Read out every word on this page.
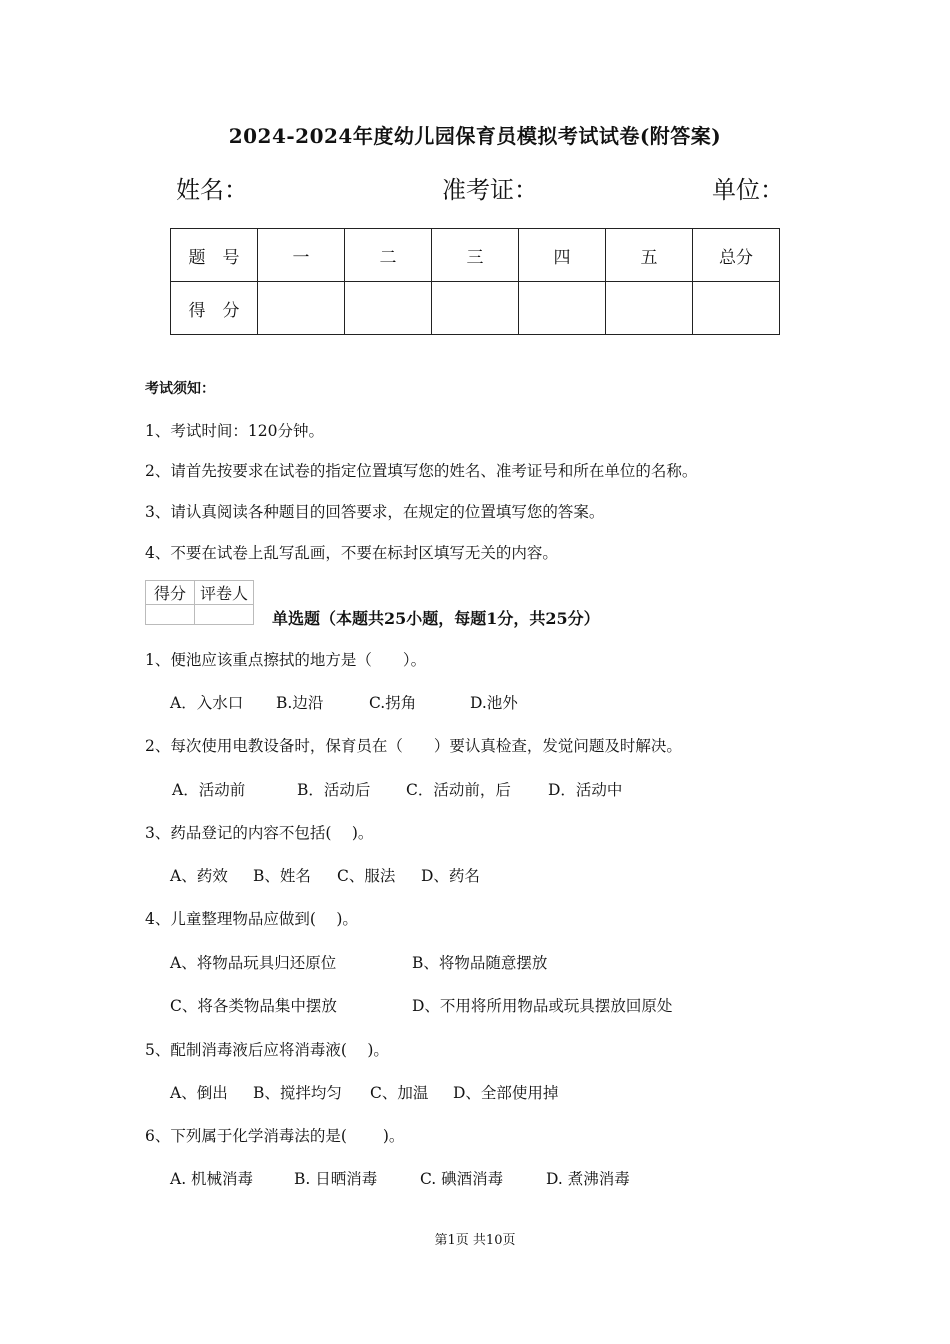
2024-2024年度幼儿园保育员模拟考试试卷(附答案)
姓名：	准考证：	单位：
题　号	一	二	三	四	五	总分
得　分						
考试须知：
1、考试时间：120分钟。
2、请首先按要求在试卷的指定位置填写您的姓名、准考证号和所在单位的名称。
3、请认真阅读各种题目的回答要求，在规定的位置填写您的答案。
4、不要在试卷上乱写乱画，不要在标封区填写无关的内容。
得分	评卷人

单选题（本题共25小题，每题1分，共25分）
1、便池应该重点擦拭的地方是（　　）。
A．入水口 B.边沿	C.拐角	D.池外
2、每次使用电教设备时，保育员在（　　）要认真检查，发觉问题及时解决。
A．活动前	B．活动后 C．活动前，后 D．活动中
3、药品登记的内容不包括(　 )。
A、药效 B、姓名 C、服法 D、药名
4、儿童整理物品应做到(　 )。
A、将物品玩具归还原位	B、将物品随意摆放
C、将各类物品集中摆放	D、不用将所用物品或玩具摆放回原处
5、配制消毒液后应将消毒液(　 )。
A、倒出 B、搅拌均匀 C、加温 D、全部使用掉
6、下列属于化学消毒法的是(　　 )。
A. 机械消毒	B. 日晒消毒	C. 碘酒消毒	D. 煮沸消毒
第1页 共10页
